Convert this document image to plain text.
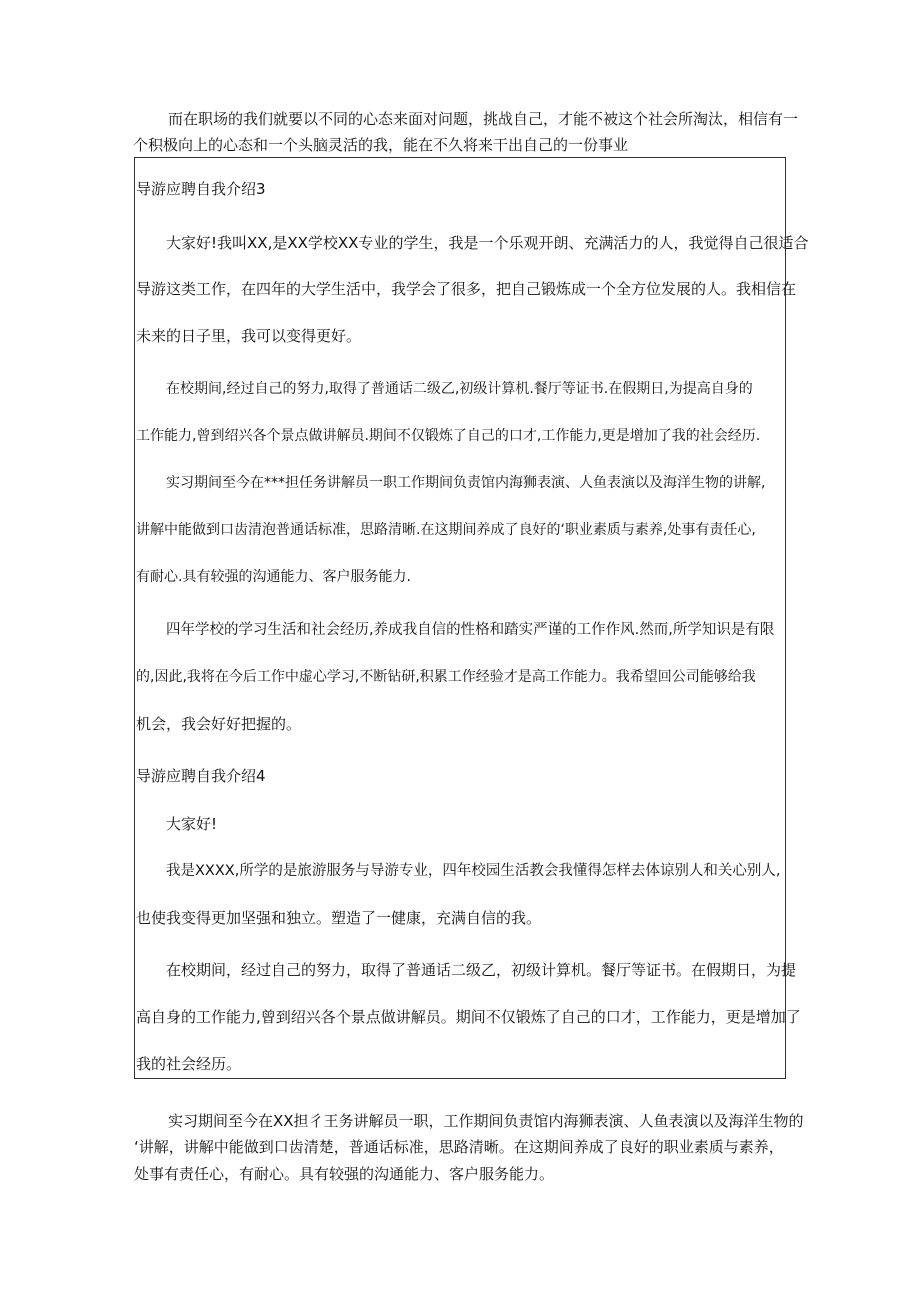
而在职场的我们就要以不同的心态来面对问题，挑战自己，才能不被这个社会所淘汰，相信有一
个积极向上的心态和一个头脑灵活的我，能在不久将来干出自己的一份事业
导游应聘自我介绍3
大家好!我叫XX,是XX学校XX专业的学生，我是一个乐观开朗、充满活力的人，我觉得自己很适合
导游这类工作，在四年的大学生活中，我学会了很多，把自己锻炼成一个全方位发展的人。我相信在
未来的日子里，我可以变得更好。
在校期间,经过自己的努力,取得了普通话二级乙,初级计算机.餐厅等证书.在假期日,为提高自身的
工作能力,曾到绍兴各个景点做讲解员.期间不仅锻炼了自己的口才,工作能力,更是增加了我的社会经历.
实习期间至今在***担任务讲解员一职工作期间负责馆内海狮表演、人鱼表演以及海洋生物的讲解,
讲解中能做到口齿清泡普通话标准，思路清晰.在这期间养成了良好的‘职业素质与素养,处事有责任心,
有耐心.具有较强的沟通能力、客户服务能力.
四年学校的学习生活和社会经历,养成我自信的性格和踏实严谨的工作作风.然而,所学知识是有限
的,因此,我将在今后工作中虚心学习,不断钻研,积累工作经验才是高工作能力。我希望回公司能够给我
机会，我会好好把握的。
导游应聘自我介绍4
大家好!
我是XXXX,所学的是旅游服务与导游专业，四年校园生活教会我懂得怎样去体谅别人和关心别人,
也使我变得更加坚强和独立。塑造了一健康，充满自信的我。
在校期间，经过自己的努力，取得了普通话二级乙，初级计算机。餐厅等证书。在假期日，为提
高自身的工作能力,曾到绍兴各个景点做讲解员。期间不仅锻炼了自己的口才，工作能力，更是增加了
我的社会经历。
实习期间至今在XX担彳王务讲解员一职，工作期间负责馆内海狮表演、人鱼表演以及海洋生物的
‘讲解，讲解中能做到口齿清楚，普通话标准，思路清晰。在这期间养成了良好的职业素质与素养，
处事有责任心，有耐心。具有较强的沟通能力、客户服务能力。
